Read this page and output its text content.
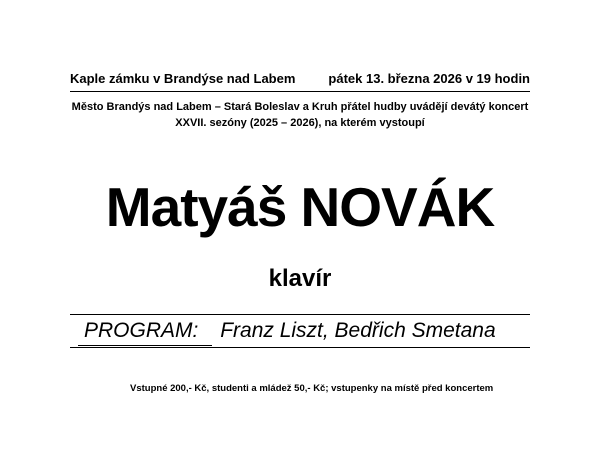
Kaple zámku v Brandýse nad Labem	pátek 13. března 2026 v 19 hodin
Město Brandýs nad Labem – Stará Boleslav a Kruh přátel hudby uvádějí devátý koncert
XXVII. sezóny (2025 – 2026), na kterém vystoupí
Matyáš NOVÁK
klavír
PROGRAM: Franz Liszt, Bedřich Smetana
Vstupné 200,- Kč, studenti a mládež 50,- Kč; vstupenky na místě před koncertem
